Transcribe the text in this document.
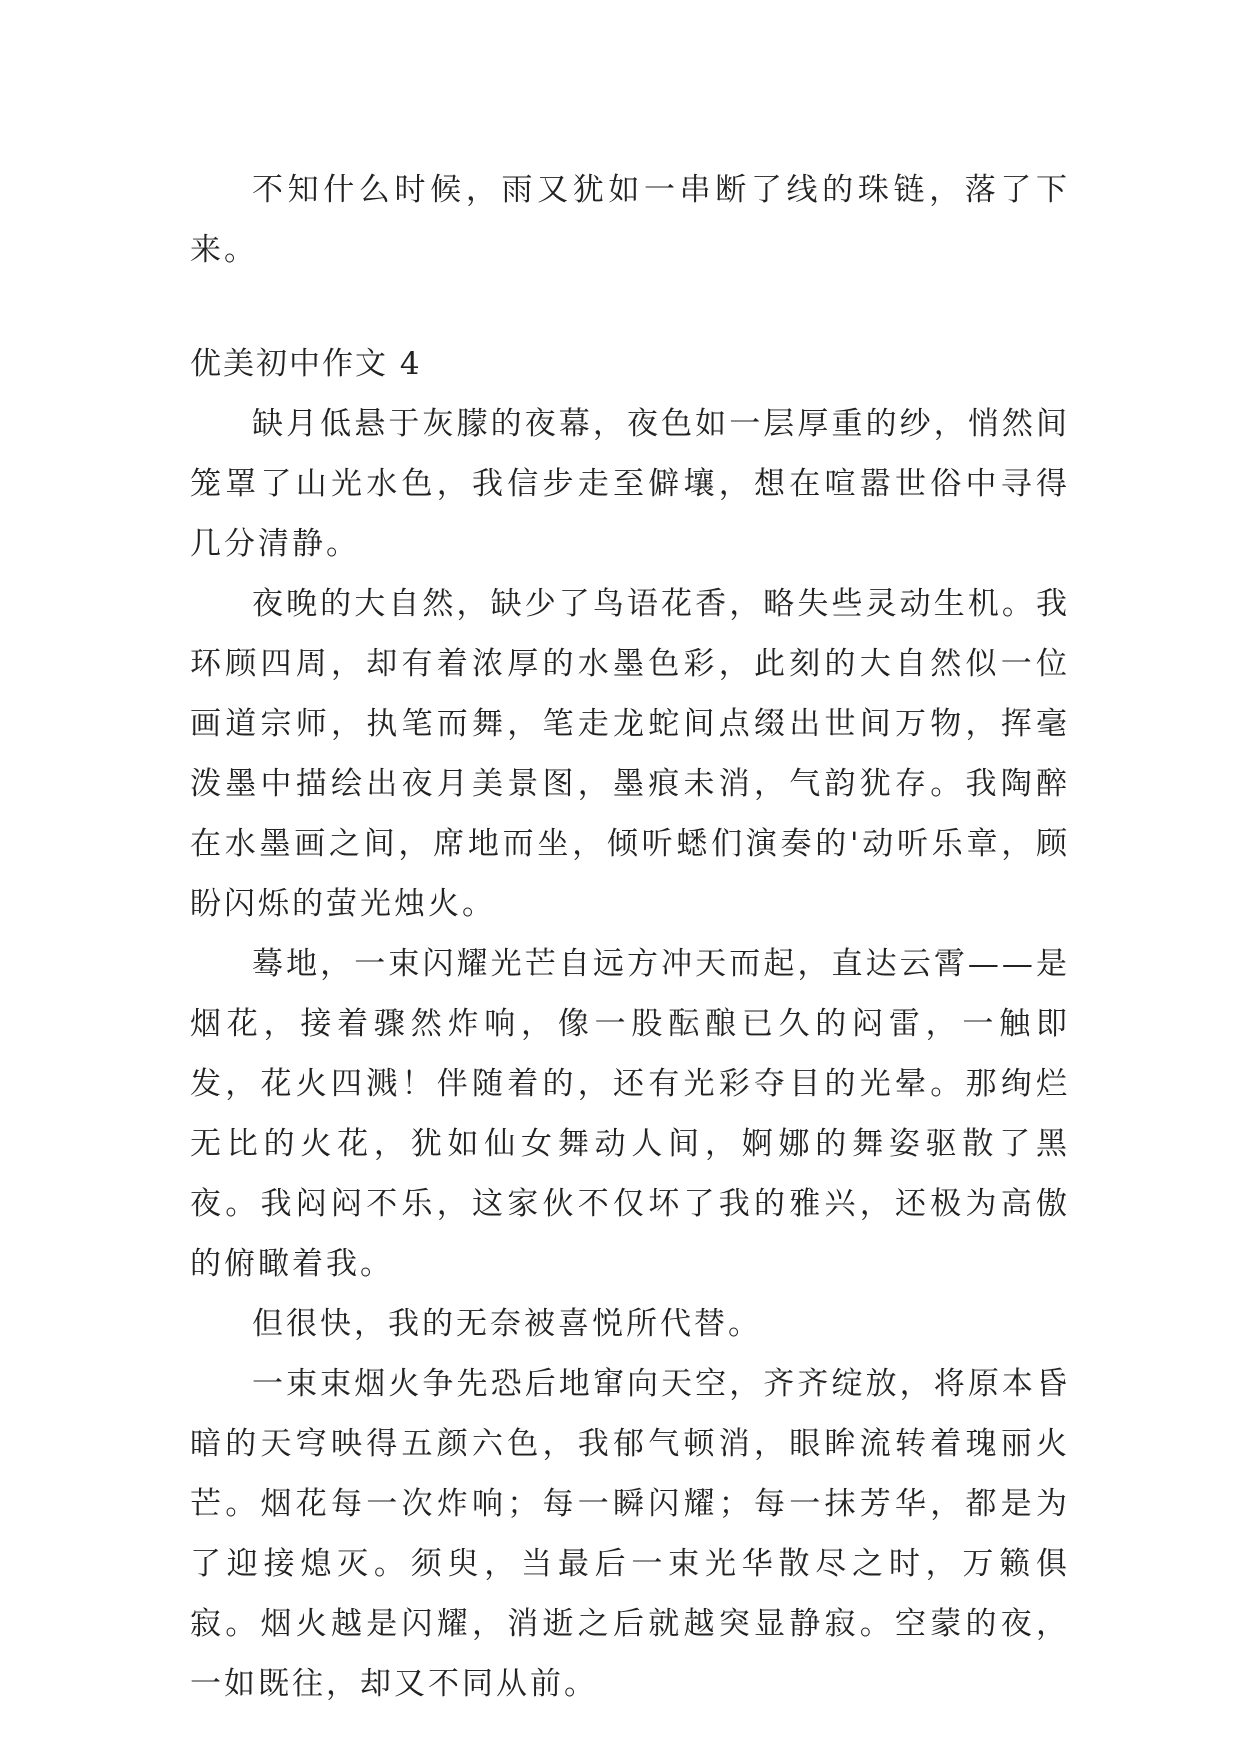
不知什么时候，雨又犹如一串断了线的珠链，落了下来。

优美初中作文 4

缺月低悬于灰朦的夜幕，夜色如一层厚重的纱，悄然间笼罩了山光水色，我信步走至僻壤，想在喧嚣世俗中寻得几分清静。

夜晚的大自然，缺少了鸟语花香，略失些灵动生机。我环顾四周，却有着浓厚的水墨色彩，此刻的大自然似一位画道宗师，执笔而舞，笔走龙蛇间点缀出世间万物，挥毫泼墨中描绘出夜月美景图，墨痕未消，气韵犹存。我陶醉在水墨画之间，席地而坐，倾听蟋们演奏的'动听乐章，顾盼闪烁的萤光烛火。

蓦地，一束闪耀光芒自远方冲天而起，直达云霄——是烟花，接着骤然炸响，像一股酝酿已久的闷雷，一触即发，花火四溅！伴随着的，还有光彩夺目的光晕。那绚烂无比的火花，犹如仙女舞动人间，婀娜的舞姿驱散了黑夜。我闷闷不乐，这家伙不仅坏了我的雅兴，还极为高傲的俯瞰着我。

但很快，我的无奈被喜悦所代替。

一束束烟火争先恐后地窜向天空，齐齐绽放，将原本昏暗的天穹映得五颜六色，我郁气顿消，眼眸流转着瑰丽火芒。烟花每一次炸响；每一瞬闪耀；每一抹芳华，都是为了迎接熄灭。须臾，当最后一束光华散尽之时，万籁俱寂。烟火越是闪耀，消逝之后就越突显静寂。空蒙的夜，一如既往，却又不同从前。
